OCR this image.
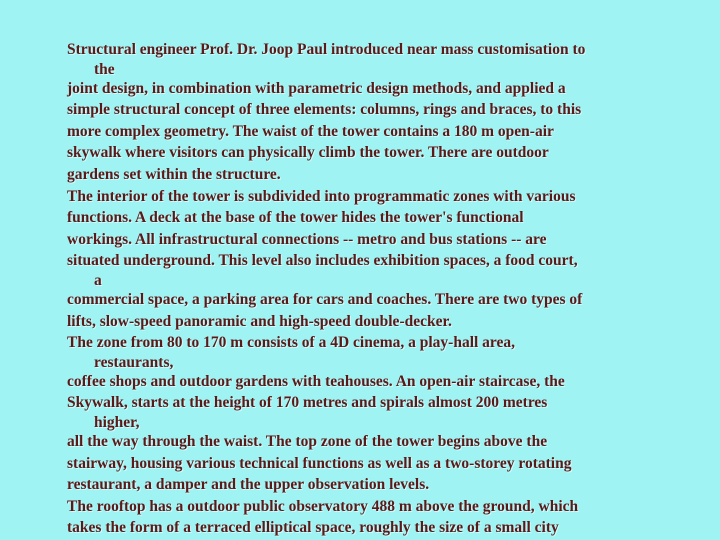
Structural engineer Prof. Dr. Joop Paul introduced near mass customisation to
the
joint design, in combination with parametric design methods, and applied a
simple structural concept of three elements: columns, rings and braces, to this
more complex geometry. The waist of the tower contains a 180 m open-air
skywalk where visitors can physically climb the tower. There are outdoor
gardens set within the structure.
The interior of the tower is subdivided into programmatic zones with various
functions. A deck at the base of the tower hides the tower's functional
workings. All infrastructural connections -- metro and bus stations -- are
situated underground. This level also includes exhibition spaces, a food court,
a
commercial space, a parking area for cars and coaches. There are two types of
lifts, slow-speed panoramic and high-speed double-decker.
The zone from 80 to 170 m consists of a 4D cinema, a play-hall area,
restaurants,
coffee shops and outdoor gardens with teahouses. An open-air staircase, the
Skywalk, starts at the height of 170 metres and spirals almost 200 metres
higher,
all the way through the waist. The top zone of the tower begins above the
stairway, housing various technical functions as well as a two-storey rotating
restaurant, a damper and the upper observation levels.
The rooftop has a outdoor public observatory 488 m above the ground, which
takes the form of a terraced elliptical space, roughly the size of a small city
